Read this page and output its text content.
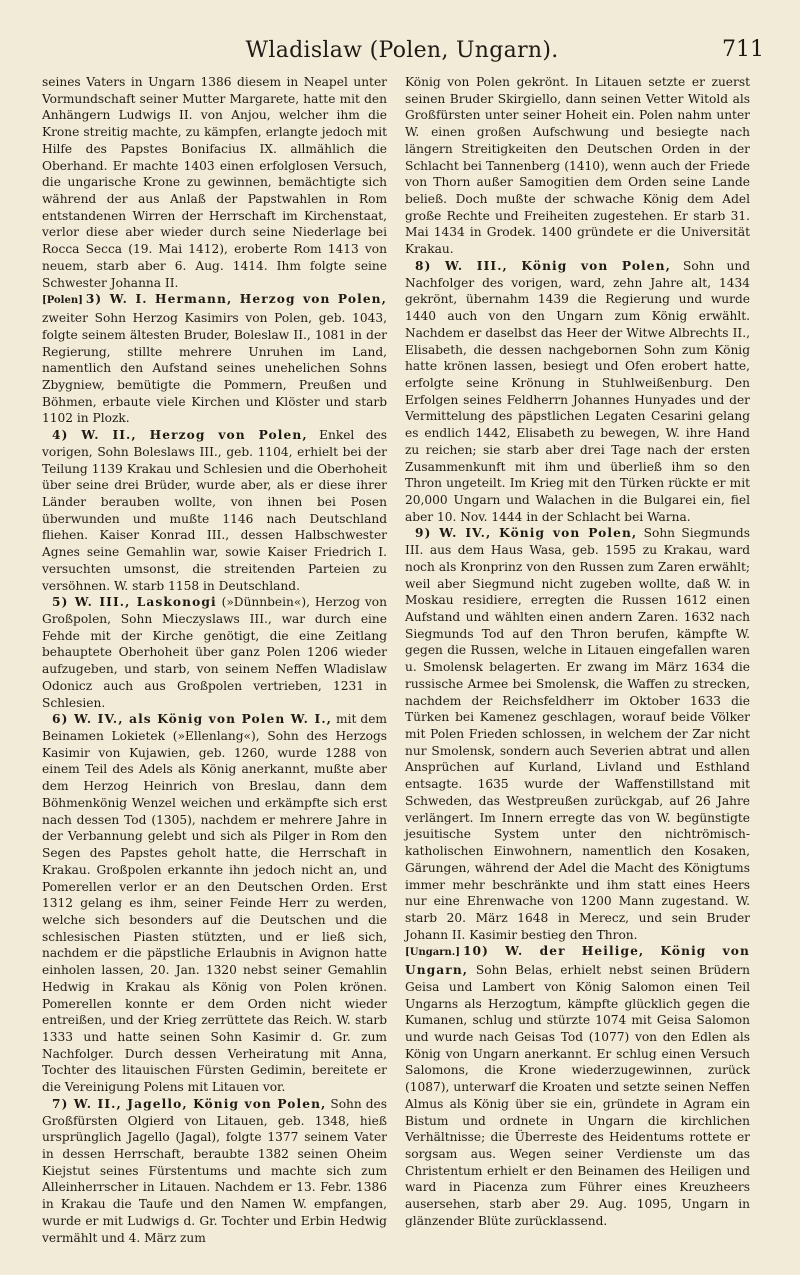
Wladislaw (Polen, Ungarn).	711

seines Vaters in Ungarn 1386 diesem in Neapel unter Vormundschaft seiner Mutter Margarete, hatte mit den Anhängern Ludwigs II. von Anjou, welcher ihm die Krone streitig machte, zu kämpfen, erlangte jedoch mit Hilfe des Papstes Bonifacius IX. allmählich die Oberhand. Er machte 1403 einen erfolglosen Versuch, die ungarische Krone zu gewinnen, bemächtigte sich während der aus Anlaß der Papstwahlen in Rom entstandenen Wirren der Herrschaft im Kirchenstaat, verlor diese aber wieder durch seine Niederlage bei Rocca Secca (19. Mai 1412), eroberte Rom 1413 von neuem, starb aber 6. Aug. 1414. Ihm folgte seine Schwester Johanna II.

[Polen] 3) W. I. Hermann, Herzog von Polen, zweiter Sohn Herzog Kasimirs von Polen, geb. 1043, folgte seinem ältesten Bruder, Boleslaw II., 1081 in der Regierung, stillte mehrere Unruhen im Land, namentlich den Aufstand seines unehelichen Sohns Zbygniew, bemütigte die Pommern, Preußen und Böhmen, erbaute viele Kirchen und Klöster und starb 1102 in Plozk.

4) W. II., Herzog von Polen, Enkel des vorigen, Sohn Boleslaws III., geb. 1104, erhielt bei der Teilung 1139 Krakau und Schlesien und die Oberhoheit über seine drei Brüder, wurde aber, als er diese ihrer Länder berauben wollte, von ihnen bei Posen überwunden und mußte 1146 nach Deutschland fliehen. Kaiser Konrad III., dessen Halbschwester Agnes seine Gemahlin war, sowie Kaiser Friedrich I. versuchten umsonst, die streitenden Parteien zu versöhnen. W. starb 1158 in Deutschland.

5) W. III., Laskonogi (»Dünnbein«), Herzog von Großpolen, Sohn Mieczyslaws III., war durch eine Fehde mit der Kirche genötigt, die eine Zeitlang behauptete Oberhoheit über ganz Polen 1206 wieder aufzugeben, und starb, von seinem Neffen Wladislaw Odonicz auch aus Großpolen vertrieben, 1231 in Schlesien.

6) W. IV., als König von Polen W. I., mit dem Beinamen Lokietek (»Ellenlang«), Sohn des Herzogs Kasimir von Kujawien, geb. 1260, wurde 1288 von einem Teil des Adels als König anerkannt, mußte aber dem Herzog Heinrich von Breslau, dann dem Böhmenkönig Wenzel weichen und erkämpfte sich erst nach dessen Tod (1305), nachdem er mehrere Jahre in der Verbannung gelebt und sich als Pilger in Rom den Segen des Papstes geholt hatte, die Herrschaft in Krakau. Großpolen erkannte ihn jedoch nicht an, und Pomerellen verlor er an den Deutschen Orden. Erst 1312 gelang es ihm, seiner Feinde Herr zu werden, welche sich besonders auf die Deutschen und die schlesischen Piasten stützten, und er ließ sich, nachdem er die päpstliche Erlaubnis in Avignon hatte einholen lassen, 20. Jan. 1320 nebst seiner Gemahlin Hedwig in Krakau als König von Polen krönen. Pomerellen konnte er dem Orden nicht wieder entreißen, und der Krieg zerrüttete das Reich. W. starb 1333 und hatte seinen Sohn Kasimir d. Gr. zum Nachfolger. Durch dessen Verheiratung mit Anna, Tochter des litauischen Fürsten Gedimin, bereitete er die Vereinigung Polens mit Litauen vor.

7) W. II., Jagello, König von Polen, Sohn des Großfürsten Olgierd von Litauen, geb. 1348, hieß ursprünglich Jagello (Jagal), folgte 1377 seinem Vater in dessen Herrschaft, beraubte 1382 seinen Oheim Kiejstut seines Fürstentums und machte sich zum Alleinherrscher in Litauen. Nachdem er 13. Febr. 1386 in Krakau die Taufe und den Namen W. empfangen, wurde er mit Ludwigs d. Gr. Tochter und Erbin Hedwig vermählt und 4. März zum

König von Polen gekrönt. In Litauen setzte er zuerst seinen Bruder Skirgiello, dann seinen Vetter Witold als Großfürsten unter seiner Hoheit ein. Polen nahm unter W. einen großen Aufschwung und besiegte nach längern Streitigkeiten den Deutschen Orden in der Schlacht bei Tannenberg (1410), wenn auch der Friede von Thorn außer Samogitien dem Orden seine Lande beließ. Doch mußte der schwache König dem Adel große Rechte und Freiheiten zugestehen. Er starb 31. Mai 1434 in Grodek. 1400 gründete er die Universität Krakau.

8) W. III., König von Polen, Sohn und Nachfolger des vorigen, ward, zehn Jahre alt, 1434 gekrönt, übernahm 1439 die Regierung und wurde 1440 auch von den Ungarn zum König erwählt. Nachdem er daselbst das Heer der Witwe Albrechts II., Elisabeth, die dessen nachgebornen Sohn zum König hatte krönen lassen, besiegt und Ofen erobert hatte, erfolgte seine Krönung in Stuhlweißenburg. Den Erfolgen seines Feldherrn Johannes Hunyades und der Vermittelung des päpstlichen Legaten Cesarini gelang es endlich 1442, Elisabeth zu bewegen, W. ihre Hand zu reichen; sie starb aber drei Tage nach der ersten Zusammenkunft mit ihm und überließ ihm so den Thron ungeteilt. Im Krieg mit den Türken rückte er mit 20,000 Ungarn und Walachen in die Bulgarei ein, fiel aber 10. Nov. 1444 in der Schlacht bei Warna.

9) W. IV., König von Polen, Sohn Siegmunds III. aus dem Haus Wasa, geb. 1595 zu Krakau, ward noch als Kronprinz von den Russen zum Zaren erwählt; weil aber Siegmund nicht zugeben wollte, daß W. in Moskau residiere, erregten die Russen 1612 einen Aufstand und wählten einen andern Zaren. 1632 nach Siegmunds Tod auf den Thron berufen, kämpfte W. gegen die Russen, welche in Litauen eingefallen waren u. Smolensk belagerten. Er zwang im März 1634 die russische Armee bei Smolensk, die Waffen zu strecken, nachdem der Reichsfeldherr im Oktober 1633 die Türken bei Kamenez geschlagen, worauf beide Völker mit Polen Frieden schlossen, in welchem der Zar nicht nur Smolensk, sondern auch Severien abtrat und allen Ansprüchen auf Kurland, Livland und Esthland entsagte. 1635 wurde der Waffenstillstand mit Schweden, das Westpreußen zurückgab, auf 26 Jahre verlängert. Im Innern erregte das von W. begünstigte jesuitische System unter den nichtrömisch-katholischen Einwohnern, namentlich den Kosaken, Gärungen, während der Adel die Macht des Königtums immer mehr beschränkte und ihm statt eines Heers nur eine Ehrenwache von 1200 Mann zugestand. W. starb 20. März 1648 in Merecz, und sein Bruder Johann II. Kasimir bestieg den Thron.

[Ungarn.] 10) W. der Heilige, König von Ungarn, Sohn Belas, erhielt nebst seinen Brüdern Geisa und Lambert von König Salomon einen Teil Ungarns als Herzogtum, kämpfte glücklich gegen die Kumanen, schlug und stürzte 1074 mit Geisa Salomon und wurde nach Geisas Tod (1077) von den Edlen als König von Ungarn anerkannt. Er schlug einen Versuch Salomons, die Krone wiederzugewinnen, zurück (1087), unterwarf die Kroaten und setzte seinen Neffen Almus als König über sie ein, gründete in Agram ein Bistum und ordnete in Ungarn die kirchlichen Verhältnisse; die Überreste des Heidentums rottete er sorgsam aus. Wegen seiner Verdienste um das Christentum erhielt er den Beinamen des Heiligen und ward in Piacenza zum Führer eines Kreuzheers ausersehen, starb aber 29. Aug. 1095, Ungarn in glänzender Blüte zurücklassend.
